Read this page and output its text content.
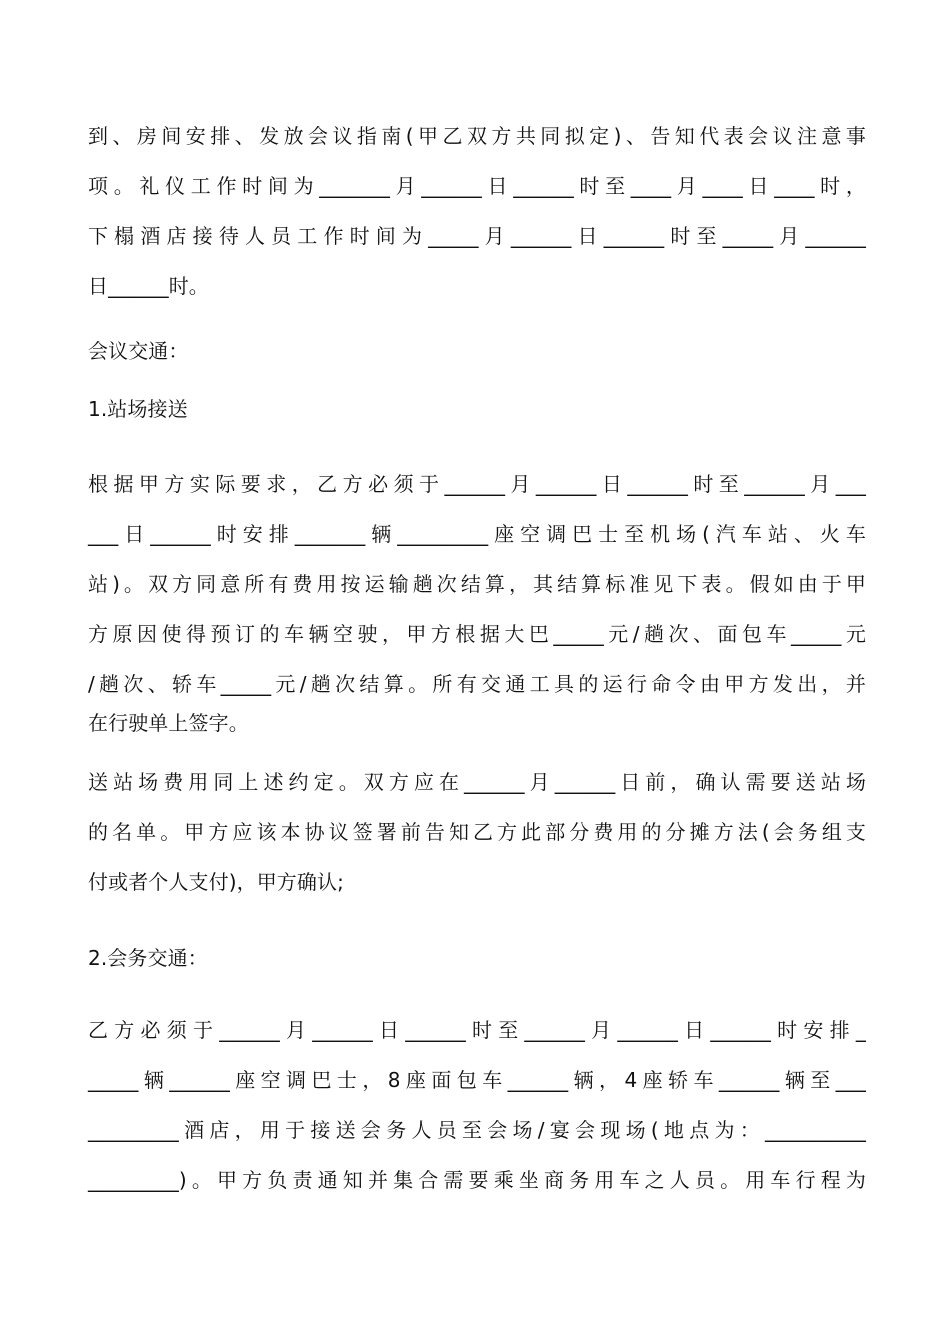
到、房间安排、发放会议指南(甲乙双方共同拟定)、告知代表会议注意事
项。礼仪工作时间为_______月______日______时至____月____日____时，
下榻酒店接待人员工作时间为_____月______日______时至_____月______
日______时。
会议交通：
1.站场接送
根据甲方实际要求，乙方必须于______月______日______时至______月___
___日______时安排_______辆_________座空调巴士至机场(汽车站、火车
站)。双方同意所有费用按运输趟次结算，其结算标准见下表。假如由于甲
方原因使得预订的车辆空驶，甲方根据大巴_____元/趟次、面包车_____元
/趟次、轿车_____元/趟次结算。所有交通工具的运行命令由甲方发出，并
在行驶单上签字。
送站场费用同上述约定。双方应在______月______日前，确认需要送站场
的名单。甲方应该本协议签署前告知乙方此部分费用的分摊方法(会务组支
付或者个人支付)，甲方确认;
2.会务交通：
乙方必须于______月______日______时至______月______日______时安排_
_____辆______座空调巴士，8座面包车______辆，4座轿车______辆至___
_________酒店，用于接送会务人员至会场/宴会现场(地点为：__________
_________)。甲方负责通知并集合需要乘坐商务用车之人员。用车行程为
